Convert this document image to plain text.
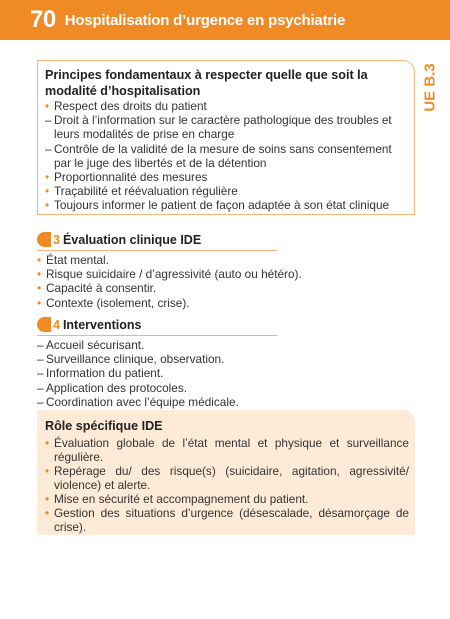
70 Hospitalisation d’urgence en psychiatrie
UE B.3
Principes fondamentaux à respecter quelle que soit la modalité d’hospitalisation
• Respect des droits du patient
– Droit à l’information sur le caractère pathologique des troubles et leurs modalités de prise en charge
– Contrôle de la validité de la mesure de soins sans consentement par le juge des libertés et de la détention
• Proportionnalité des mesures
• Traçabilité et réévaluation régulière
• Toujours informer le patient de façon adaptée à son état clinique
3 Évaluation clinique IDE
• État mental.
• Risque suicidaire / d’agressivité (auto ou hétéro).
• Capacité à consentir.
• Contexte (isolement, crise).
4 Interventions
– Accueil sécurisant.
– Surveillance clinique, observation.
– Information du patient.
– Application des protocoles.
– Coordination avec l’équipe médicale.
Rôle spécifique IDE
• Évaluation globale de l’état mental et physique et surveillance régulière.
• Repérage du/ des risque(s) (suicidaire, agitation, agressivité/ violence) et alerte.
• Mise en sécurité et accompagnement du patient.
• Gestion des situations d’urgence (désescalade, désamorçage de crise).
